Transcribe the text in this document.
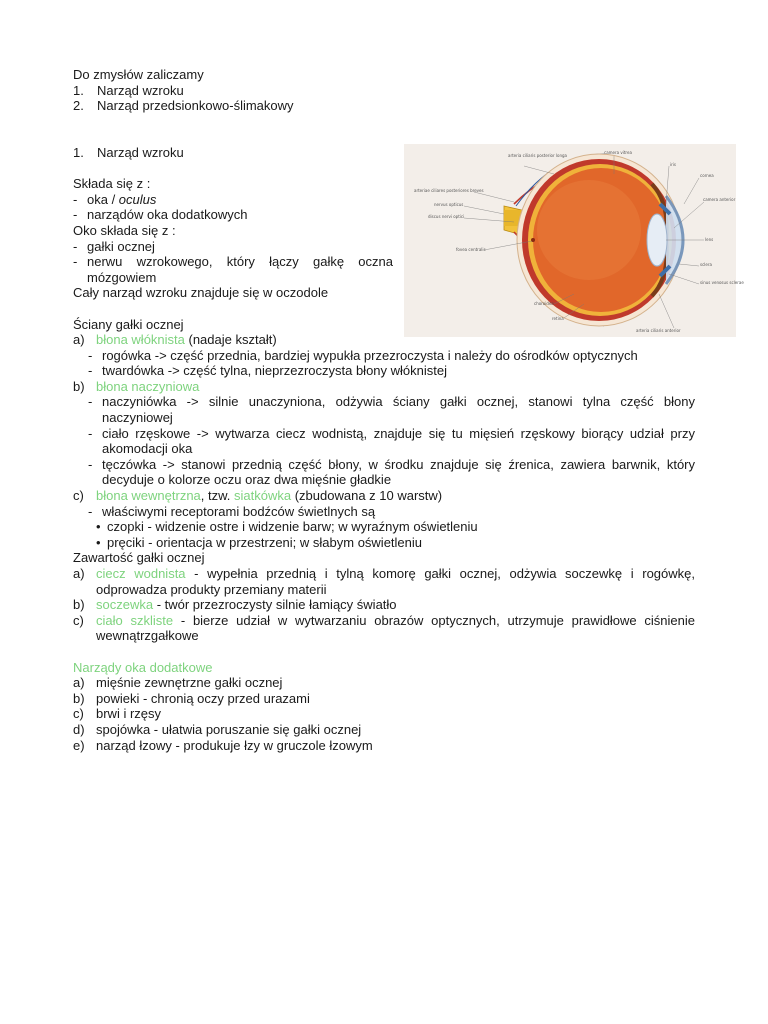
Do zmysłów zaliczamy
1. Narząd wzroku
2. Narząd przedsionkowo-ślimakowy
1. Narząd wzroku
Składa się z :
- oka / oculus
- narządów oka dodatkowych
Oko składa się z :
- gałki ocznej
- nerwu wzrokowego, który łączy gałkę oczna
mózgowiem
Cały narząd wzroku znajduje się w oczodole
Ściany gałki ocznej
a) błona włóknista (nadaje kształt)
- rogówka -> część przednia, bardziej wypukła przezroczysta i należy do ośrodków optycznych
- twardówka -> część tylna, nieprzezroczysta błony włóknistej
b) błona naczyniowa
- naczyniówka -> silnie unaczyniona, odżywia ściany gałki ocznej, stanowi tylna część błony naczyniowej
- ciało rzęskowe -> wytwarza ciecz wodnistą, znajduje się tu mięsień rzęskowy biorący udział przy akomodacji oka
- tęczówka -> stanowi przednią część błony, w środku znajduje się źrenica, zawiera barwnik, który decyduje o kolorze oczu oraz dwa mięśnie gładkie
c) błona wewnętrzna, tzw. siatkówka (zbudowana z 10 warstw)
- właściwymi receptorami bodźców świetlnych są
• czopki - widzenie ostre i widzenie barw; w wyraźnym oświetleniu
• pręciki - orientacja w przestrzeni; w słabym oświetleniu
Zawartość gałki ocznej
a) ciecz wodnista - wypełnia przednią i tylną komorę gałki ocznej, odżywia soczewkę i rogówkę, odprowadza produkty przemiany materii
b) soczewka - twór przezroczysty silnie łamiący światło
c) ciało szkliste - bierze udział w wytwarzaniu obrazów optycznych, utrzymuje prawidłowe ciśnienie wewnątrzgałkowe
Narządy oka dodatkowe
a) mięśnie zewnętrzne gałki ocznej
b) powieki - chronią oczy przed urazami
c) brwi i rzęsy
d) spojówka - ułatwia poruszanie się gałki ocznej
e) narząd łzowy - produkuje łzy w gruczole łzowym
arteria ciliaris posterior longa
camera vitrea
iris
arteriae ciliares posteriores breves
cornea
nervus opticus
camera anterior
discus nervi optici
lens
fovea centralis
sinus venosus sclerae
sclera
choroidea
retina
arteria ciliaris anterior
